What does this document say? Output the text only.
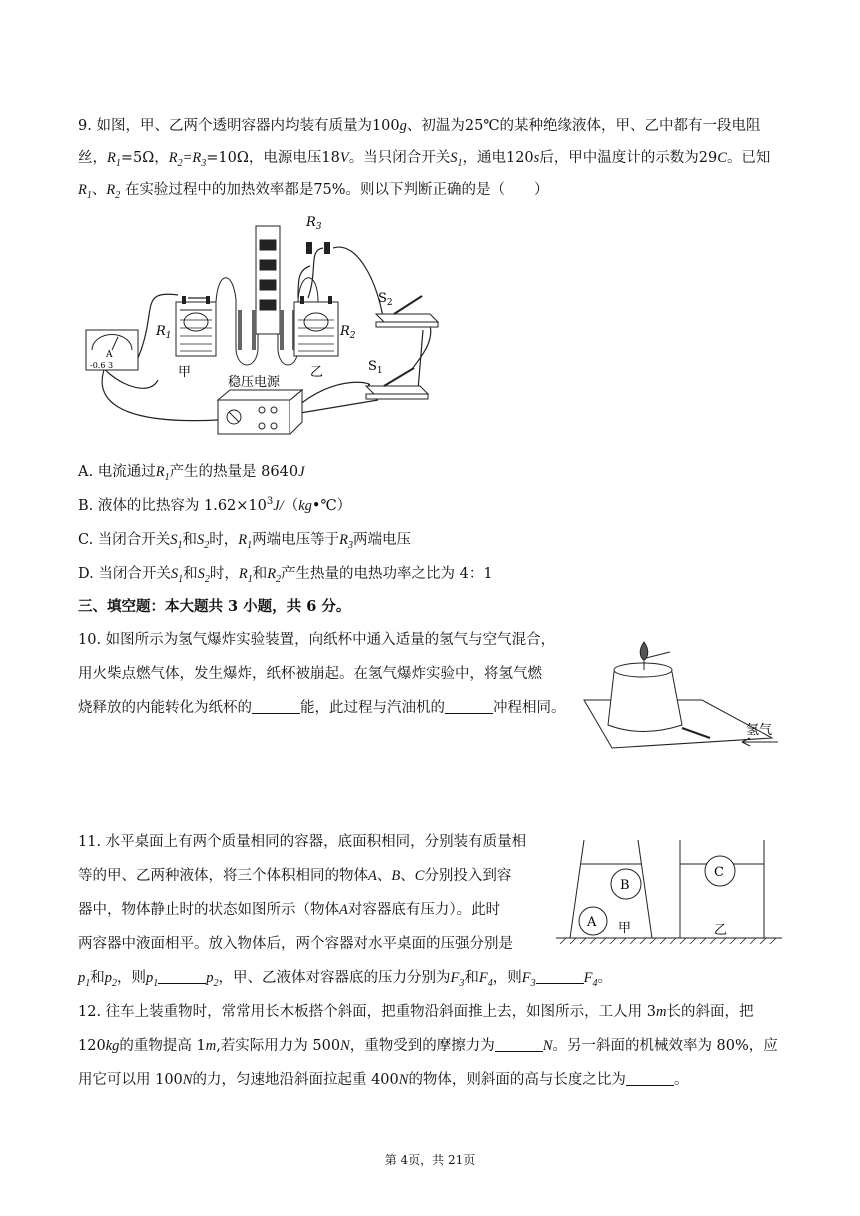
9. 如图，甲、乙两个透明容器内均装有质量为100g、初温为25℃的某种绝缘液体，甲、乙中都有一段电阻
丝，$R_1=5\Omega$，$R_2=R_3=10\Omega$，电源电压18V。当只闭合开关$S_1$，通电120s后，甲中温度计的示数为29C。已知
$R_1$、$R_2$ 在实验过程中的加热效率都是75%。则以下判断正确的是（　　）
A
-0.6 3
$R_1$
甲
$R_2$
乙
$R_3$
$S_2$
$S_1$
稳压电源
A. 电流通过$R_1$产生的热量是 8640J
B. 液体的比热容为 $1.62\times 10^3J/(kg•℃)$
C. 当闭合开关$S_1$和$S_2$时，$R_1$两端电压等于$R_3$两端电压
D. 当闭合开关$S_1$和$S_2$时，$R_1$和$R_2$产生热量的电热功率之比为 4：1
三、填空题：本大题共 3 小题，共 6 分。
10. 如图所示为氢气爆炸实验装置，向纸杯中通入适量的氢气与空气混合，
用火柴点燃气体，发生爆炸，纸杯被崩起。在氢气爆炸实验中，将氢气燃
烧释放的内能转化为纸杯的	能，此过程与汽油机的	冲程相同。
氢气
11. 水平桌面上有两个质量相同的容器，底面积相同，分别装有质量相
等的甲、乙两种液体，将三个体积相同的物体A、B、C分别投入到容
器中，物体静止时的状态如图所示（物体A对容器底有压力）。此时
两容器中液面相平。放入物体后，两个容器对水平桌面的压强分别是
$p_1$和$p_2$，则$p_1$	$p_2$，甲、乙液体对容器底的压力分别为$F_3$和$F_4$，则$F_3$	$F_4$。
B
A 甲
C
乙
12. 往车上装重物时，常常用长木板搭个斜面，把重物沿斜面推上去，如图所示，工人用 3m长的斜面，把
120kg的重物提高 1m,若实际用力为 500N，重物受到的摩擦力为	N。另一斜面的机械效率为 80%，应
用它可以用 100N的力，匀速地沿斜面拉起重 400N的物体，则斜面的高与长度之比为	。
第 4页，共 21页
